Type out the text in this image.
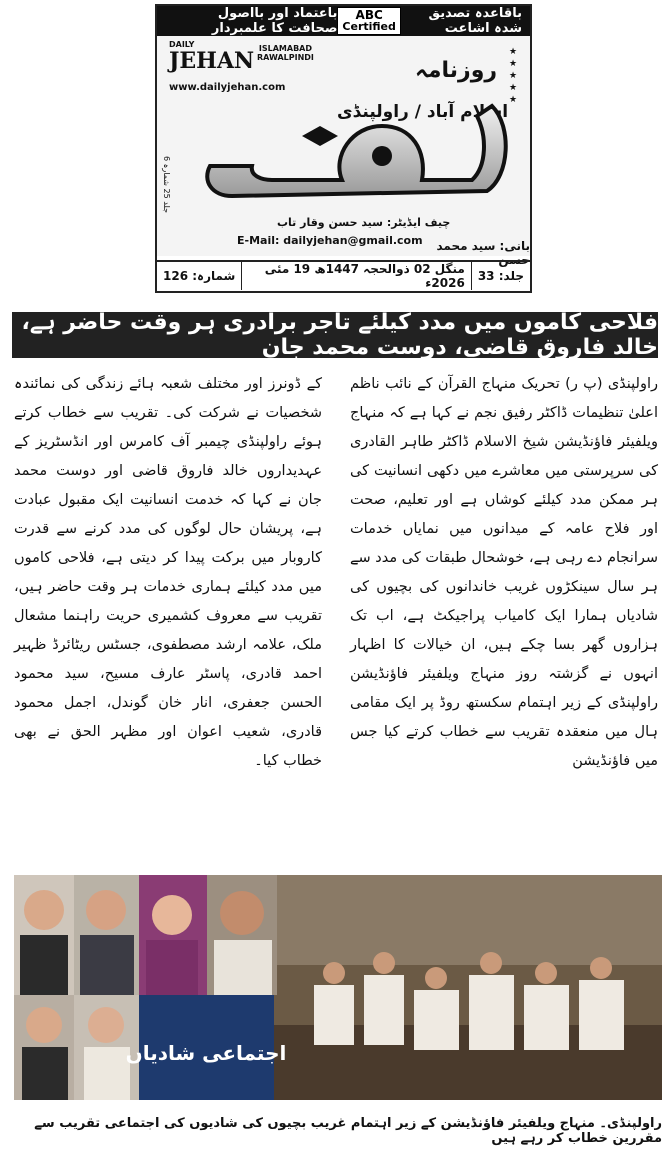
باقاعدہ تصدیق شدہ اشاعت
ABC
Certified
باعتماد اور بااصول صحافت کا علمبردار
DAILY
JEHAN ISLAMABAD
RAWALPINDI
www.dailyjehan.com
روزنامہ
★
★
★
★
★
اسلام آباد / راولپنڈی
جہان
چیف ایڈیٹر: سید حسن وقار تاب
E-Mail: dailyjehan@gmail.com	بانی: سید محمد حسن
جلد 25 شمارہ 6
جلد: 33
منگل 02 ذوالحجہ 1447ھ 19 مئی 2026ء
شمارہ: 126
فلاحی کاموں میں مدد کیلئے تاجر برادری ہر وقت حاضر ہے، خالد فاروق قاضی، دوست محمد جان
راولپنڈی (پ ر) تحریک منہاج القرآن کے نائب ناظم اعلیٰ تنظیمات ڈاکٹر رفیق نجم نے کہا ہے کہ منہاج ویلفیئر فاؤنڈیشن شیخ الاسلام ڈاکٹر طاہر القادری کی سرپرستی میں معاشرے میں دکھی انسانیت کی ہر ممکن مدد کیلئے کوشاں ہے اور تعلیم، صحت اور فلاح عامہ کے میدانوں میں نمایاں خدمات سرانجام دے رہی ہے، خوشحال طبقات کی مدد سے ہر سال سینکڑوں غریب خاندانوں کی بچیوں کی شادیاں ہمارا ایک کامیاب پراجیکٹ ہے، اب تک ہزاروں گھر بسا چکے ہیں، ان خیالات کا اظہار انہوں نے گزشتہ روز منہاج ویلفیئر فاؤنڈیشن راولپنڈی کے زیر اہتمام سکستھ روڈ پر ایک مقامی ہال میں منعقدہ تقریب سے خطاب کرتے کیا جس میں فاؤنڈیشن
کے ڈونرز اور مختلف شعبہ ہائے زندگی کی نمائندہ شخصیات نے شرکت کی۔ تقریب سے خطاب کرتے ہوئے راولپنڈی چیمبر آف کامرس اور انڈسٹریز کے عہدیداروں خالد فاروق قاضی اور دوست محمد جان نے کہا کہ خدمت انسانیت ایک مقبول عبادت ہے، پریشان حال لوگوں کی مدد کرنے سے قدرت کاروبار میں برکت پیدا کر دیتی ہے، فلاحی کاموں میں مدد کیلئے ہماری خدمات ہر وقت حاضر ہیں، تقریب سے معروف کشمیری حریت راہنما مشعال ملک، علامہ ارشد مصطفوی، جسٹس ریٹائرڈ ظہیر احمد قادری، پاسٹر عارف مسیح، سید محمود الحسن جعفری، انار خان گوندل، اجمل محمود قادری، شعیب اعوان اور مظہر الحق نے بھی خطاب کیا۔
اجتماعی شادیاں
راولپنڈی۔ منہاج ویلفیئر فاؤنڈیشن کے زیر اہتمام غریب بچیوں کی شادیوں کی اجتماعی تقریب سے مقررین خطاب کر رہے ہیں
